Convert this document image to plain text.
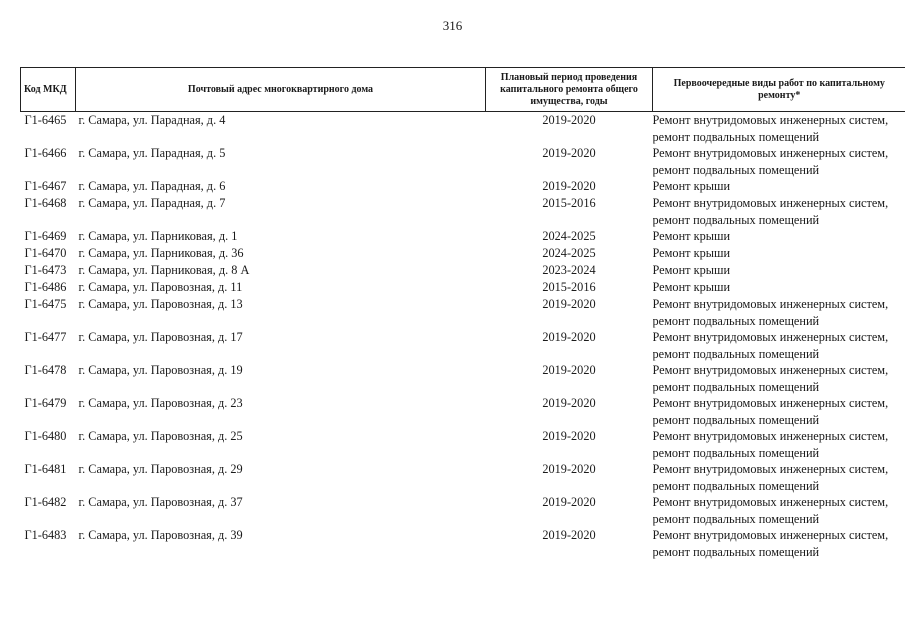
316
Код МКД	Почтовый адрес многоквартирного дома	Плановый период проведения капитального ремонта общего имущества, годы	Первоочередные виды работ по капитальному ремонту*
Г1-6465	г. Самара, ул. Парадная, д. 4	2019-2020	Ремонт внутридомовых инженерных систем,
ремонт подвальных помещений

Г1-6466	г. Самара, ул. Парадная, д. 5	2019-2020	Ремонт внутридомовых инженерных систем,
ремонт подвальных помещений

Г1-6467	г. Самара, ул. Парадная, д. 6	2019-2020	Ремонт крыши

Г1-6468	г. Самара, ул. Парадная, д. 7	2015-2016	Ремонт внутридомовых инженерных систем,
ремонт подвальных помещений

Г1-6469	г. Самара, ул. Парниковая, д. 1	2024-2025	Ремонт крыши

Г1-6470	г. Самара, ул. Парниковая, д. 36	2024-2025	Ремонт крыши

Г1-6473	г. Самара, ул. Парниковая, д. 8 А	2023-2024	Ремонт крыши

Г1-6486	г. Самара, ул. Паровозная, д. 11	2015-2016	Ремонт крыши

Г1-6475	г. Самара, ул. Паровозная, д. 13	2019-2020	Ремонт внутридомовых инженерных систем,
ремонт подвальных помещений

Г1-6477	г. Самара, ул. Паровозная, д. 17	2019-2020	Ремонт внутридомовых инженерных систем,
ремонт подвальных помещений

Г1-6478	г. Самара, ул. Паровозная, д. 19	2019-2020	Ремонт внутридомовых инженерных систем,
ремонт подвальных помещений

Г1-6479	г. Самара, ул. Паровозная, д. 23	2019-2020	Ремонт внутридомовых инженерных систем,
ремонт подвальных помещений

Г1-6480	г. Самара, ул. Паровозная, д. 25	2019-2020	Ремонт внутридомовых инженерных систем,
ремонт подвальных помещений

Г1-6481	г. Самара, ул. Паровозная, д. 29	2019-2020	Ремонт внутридомовых инженерных систем,
ремонт подвальных помещений

Г1-6482	г. Самара, ул. Паровозная, д. 37	2019-2020	Ремонт внутридомовых инженерных систем,
ремонт подвальных помещений

Г1-6483	г. Самара, ул. Паровозная, д. 39	2019-2020	Ремонт внутридомовых инженерных систем,
ремонт подвальных помещений
